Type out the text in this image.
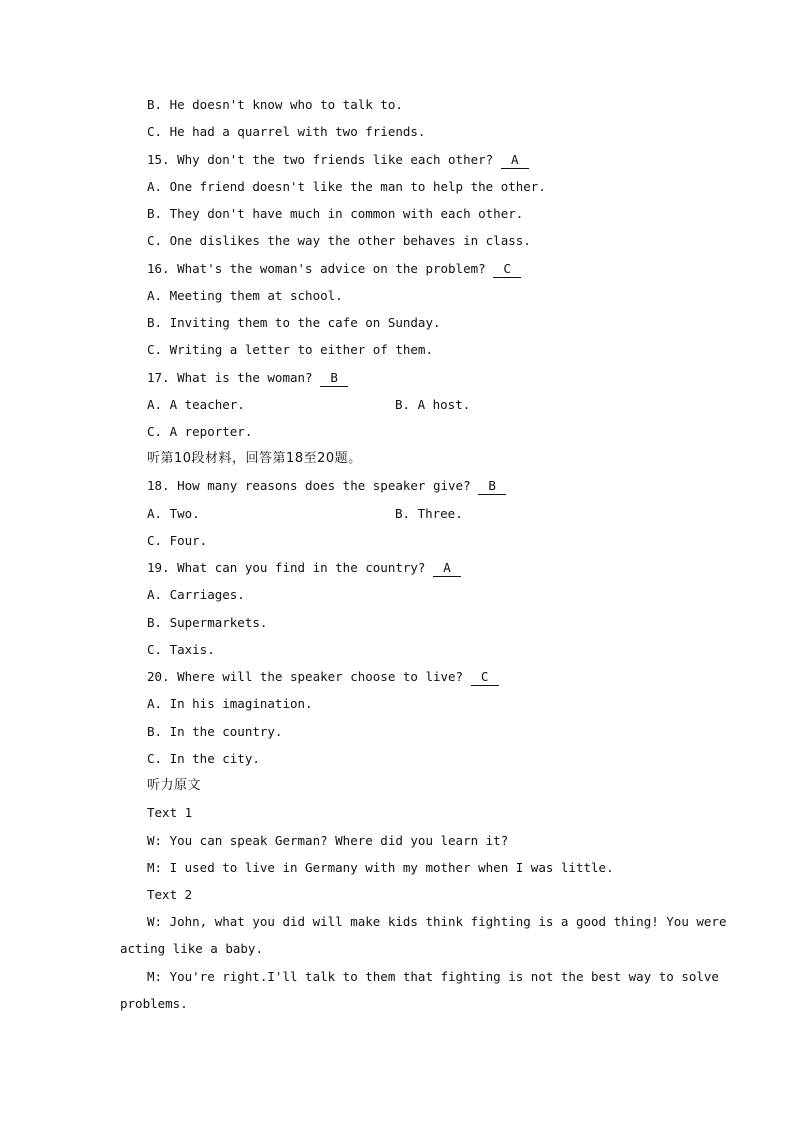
B. He doesn't know who to talk to.
C. He had a quarrel with two friends.
15. Why don't the two friends like each other? A
A. One friend doesn't like the man to help the other.
B. They don't have much in common with each other.
C. One dislikes the way the other behaves in class.
16. What's the woman's advice on the problem? C
A. Meeting them at school.
B. Inviting them to the cafe on Sunday.
C. Writing a letter to either of them.
17. What is the woman? B
A. A teacher.	B. A host.
C. A reporter.
听第10段材料，回答第18至20题。
18. How many reasons does the speaker give? B
A. Two.	B. Three.
C. Four.
19. What can you find in the country? A
A. Carriages.
B. Supermarkets.
C. Taxis.
20. Where will the speaker choose to live? C
A. In his imagination.
B. In the country.
C. In the city.
听力原文
Text 1
W: You can speak German? Where did you learn it?
M: I used to live in Germany with my mother when I was little.
Text 2
W: John, what you did will make kids think fighting is a good thing! You were
acting like a baby.
M: You're right.I'll talk to them that fighting is not the best way to solve
problems.
